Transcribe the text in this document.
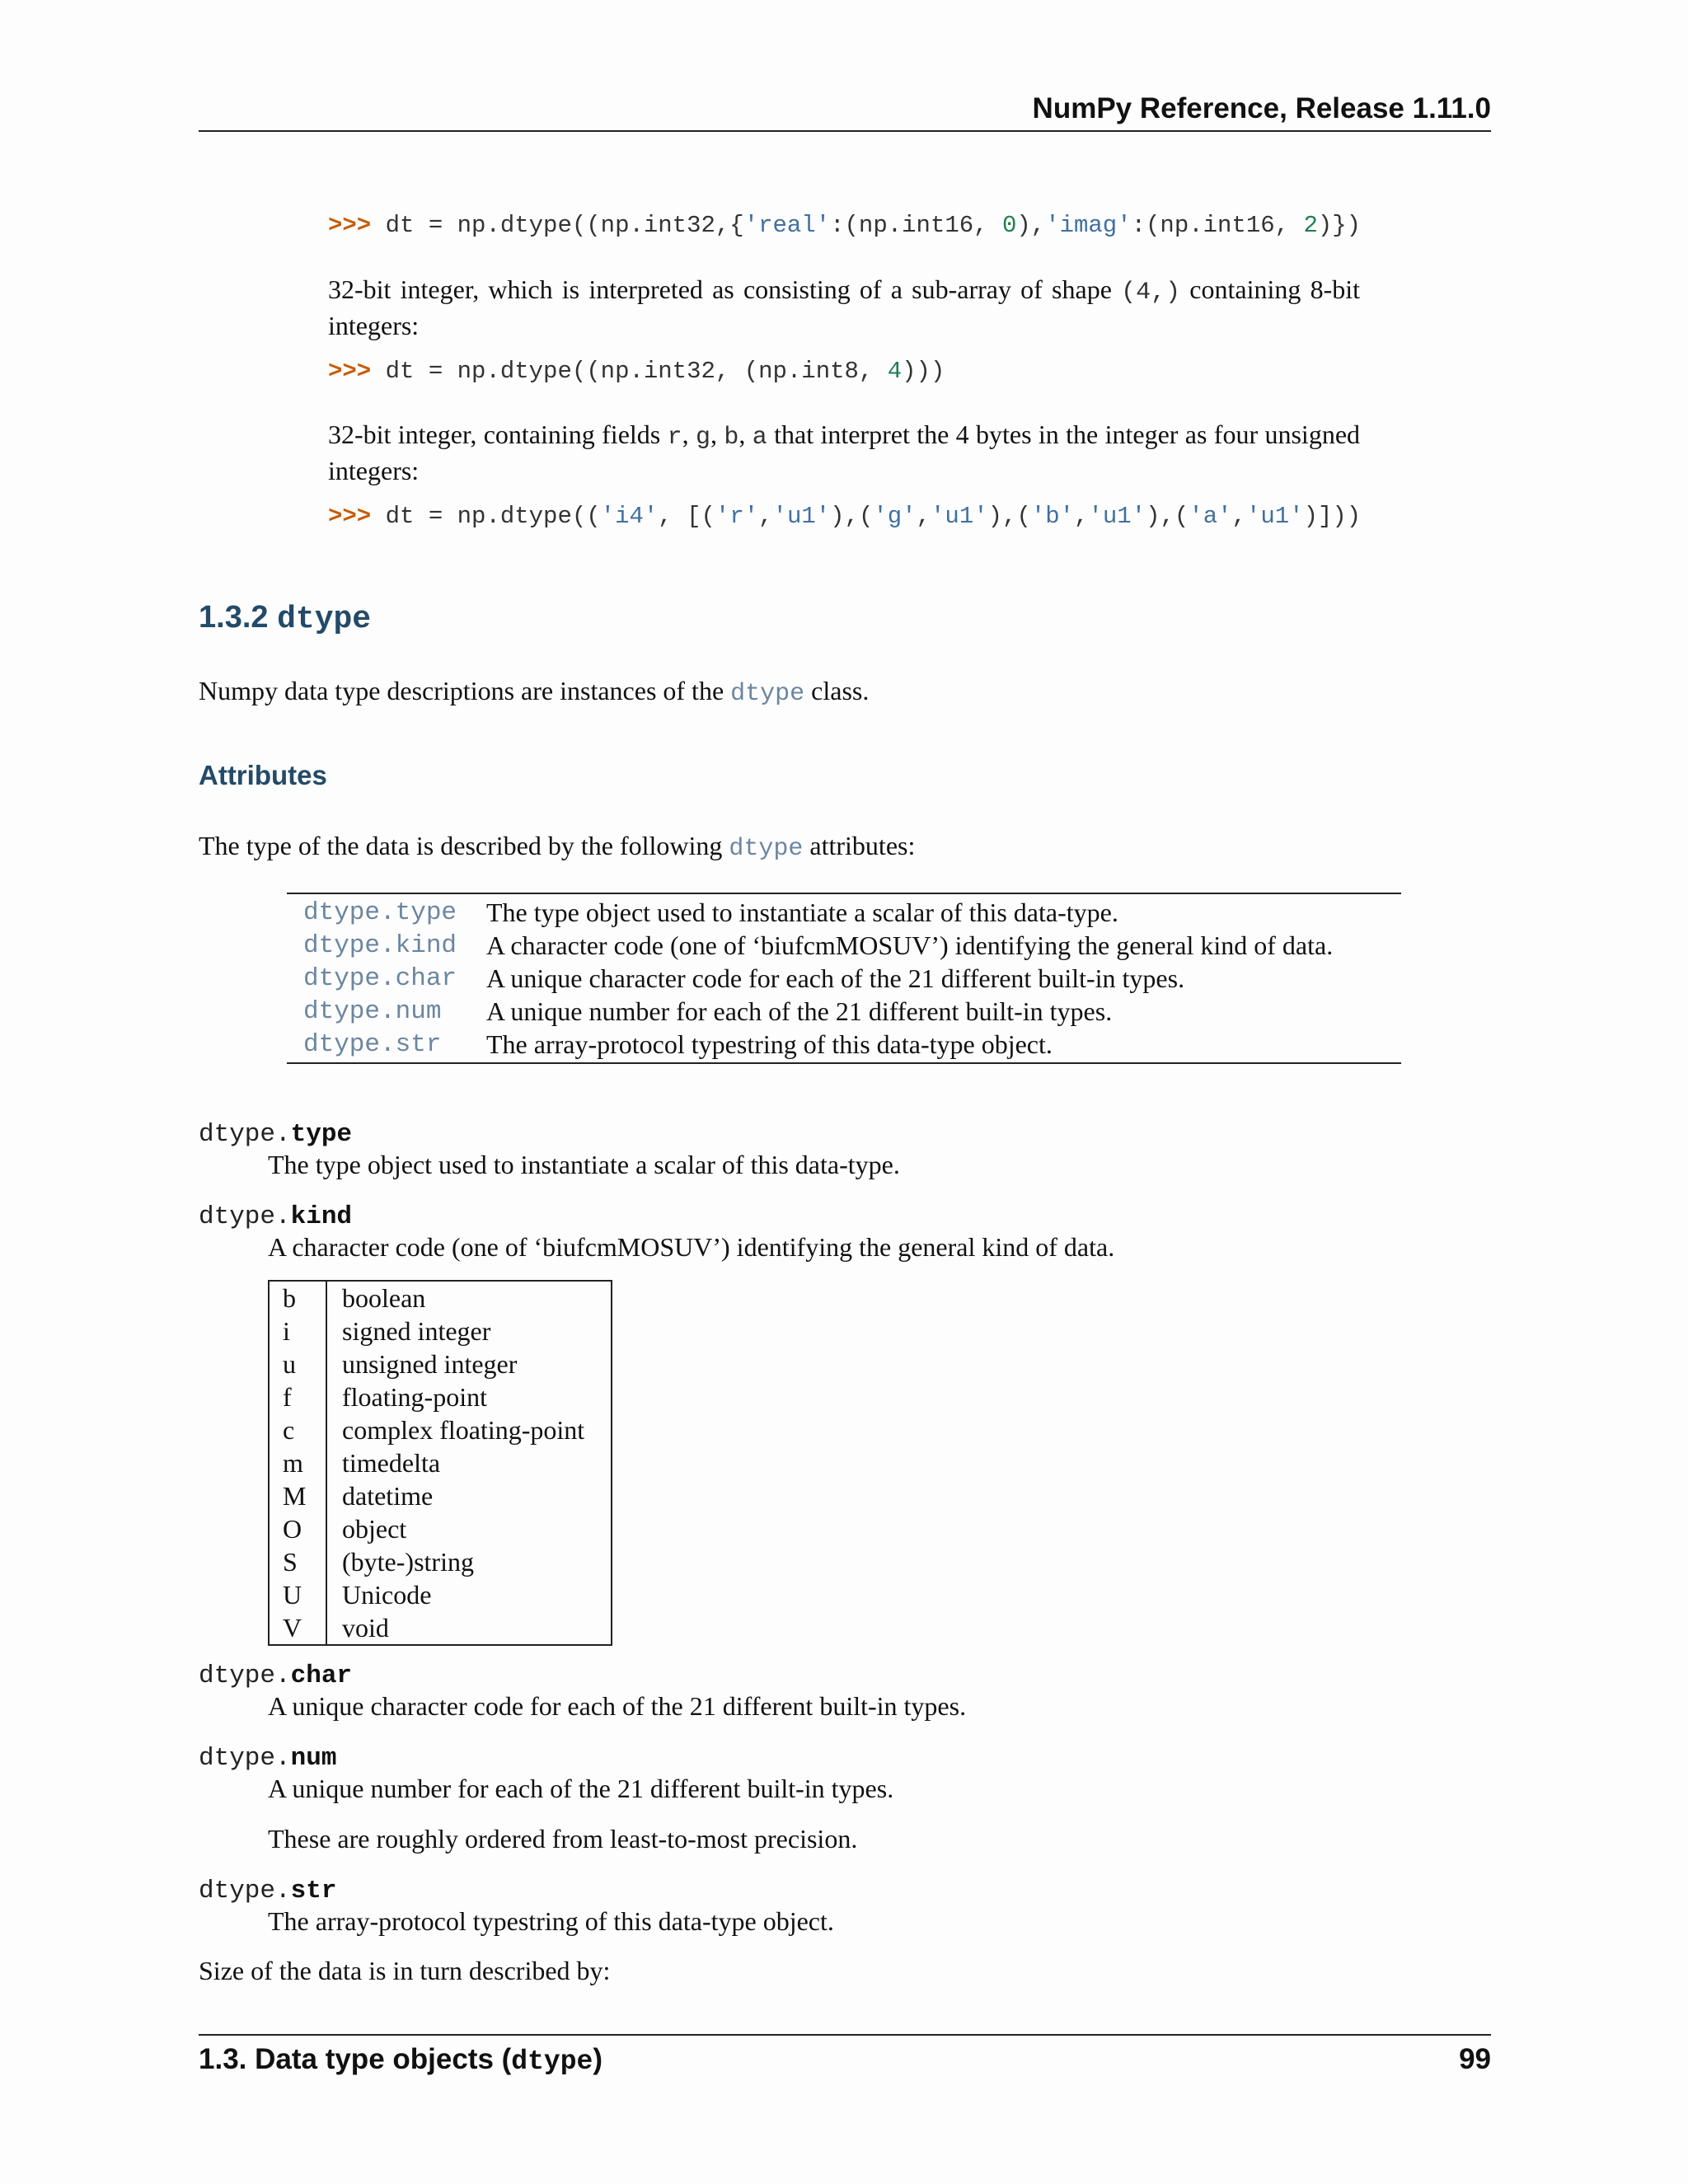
NumPy Reference, Release 1.11.0
>>> dt = np.dtype((np.int32,{'real':(np.int16, 0),'imag':(np.int16, 2)})
32-bit integer, which is interpreted as consisting of a sub-array of shape (4,) containing 8-bit integers:
>>> dt = np.dtype((np.int32, (np.int8, 4)))
32-bit integer, containing fields r, g, b, a that interpret the 4 bytes in the integer as four unsigned integers:
>>> dt = np.dtype(('i4', [('r','u1'),('g','u1'),('b','u1'),('a','u1')]))
1.3.2 dtype
Numpy data type descriptions are instances of the dtype class.
Attributes
The type of the data is described by the following dtype attributes:
dtype.type	The type object used to instantiate a scalar of this data-type.
dtype.kind	A character code (one of ‘biufcmMOSUV’) identifying the general kind of data.
dtype.char	A unique character code for each of the 21 different built-in types.
dtype.num	A unique number for each of the 21 different built-in types.
dtype.str	The array-protocol typestring of this data-type object.
dtype.type
The type object used to instantiate a scalar of this data-type.
dtype.kind
A character code (one of ‘biufcmMOSUV’) identifying the general kind of data.
b	boolean
i	signed integer
u	unsigned integer
f	floating-point
c	complex floating-point
m	timedelta
M	datetime
O	object
S	(byte-)string
U	Unicode
V	void
dtype.char
A unique character code for each of the 21 different built-in types.
dtype.num
A unique number for each of the 21 different built-in types.
These are roughly ordered from least-to-most precision.
dtype.str
The array-protocol typestring of this data-type object.
Size of the data is in turn described by:
1.3. Data type objects (dtype)	99
